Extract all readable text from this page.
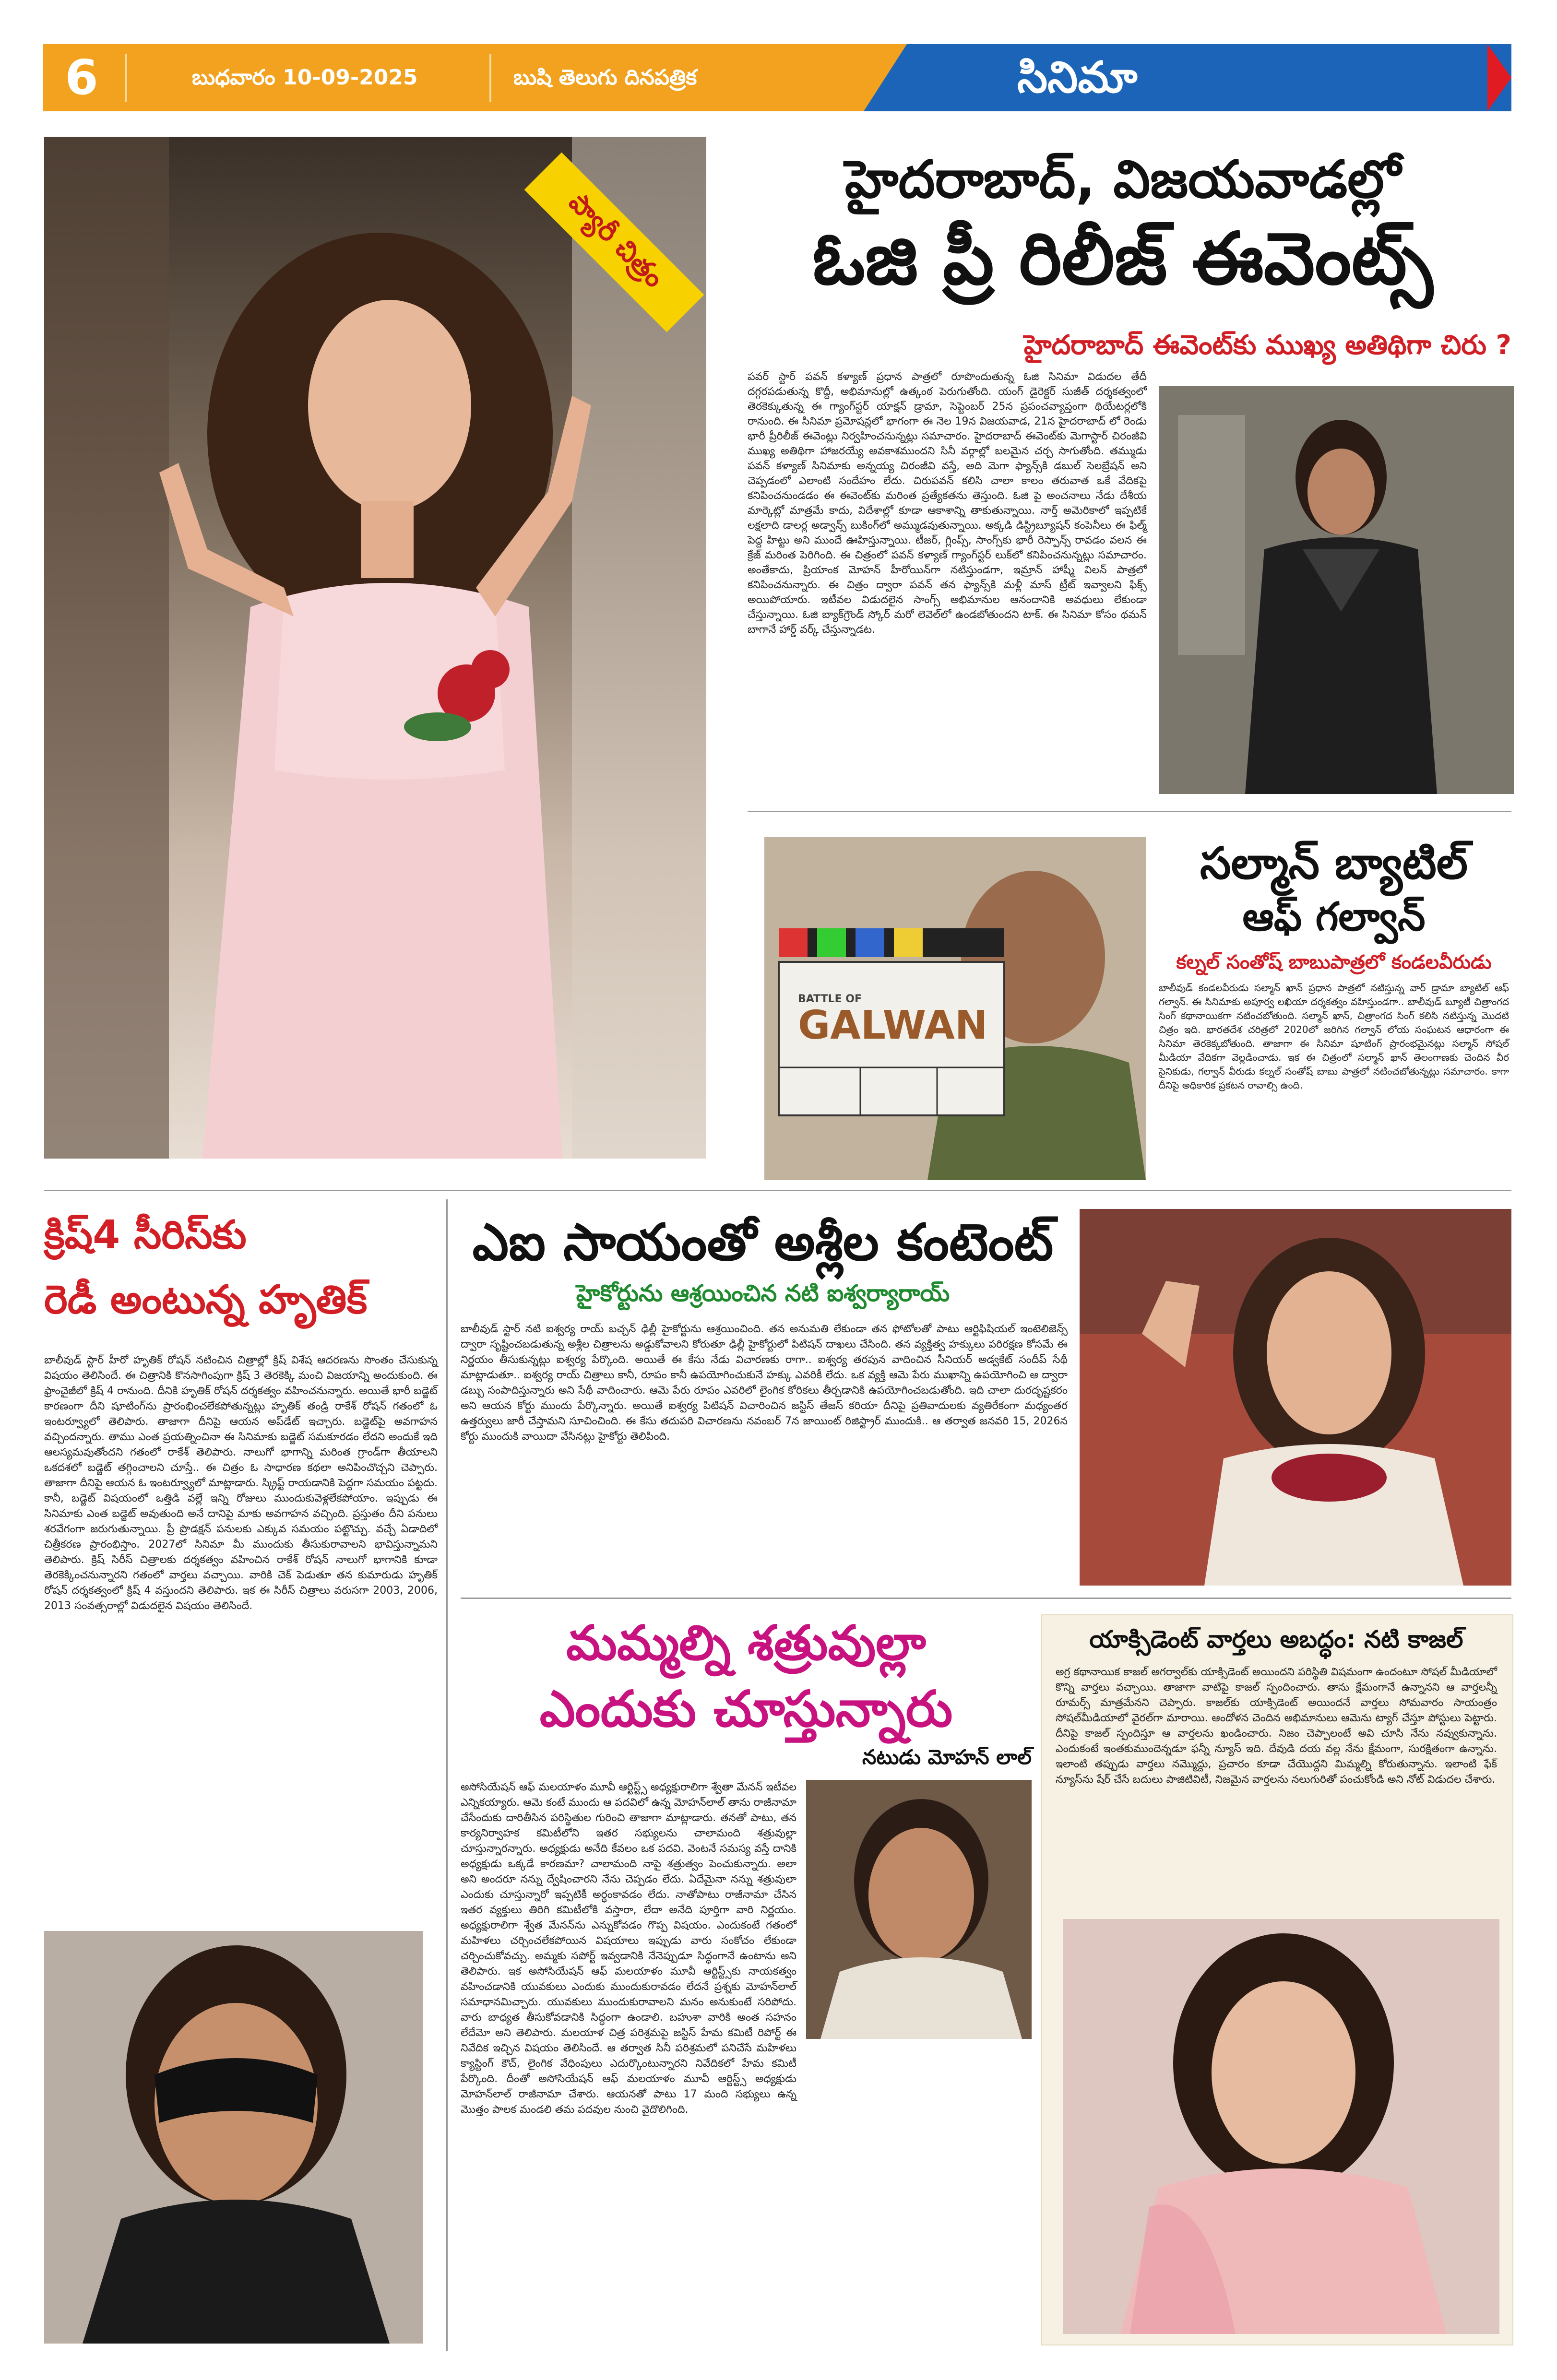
6	బుధవారం 10-09-2025	బుషి తెలుగు దినపత్రిక	సినిమా
ప్యారీ చిత్రం
హైదరాబాద్, విజయవాడల్లో
ఓజి ప్రీ రిలీజ్ ఈవెంట్స్
హైదరాబాద్ ఈవెంట్‌కు ముఖ్య అతిథిగా చిరు ?

పవర్ స్టార్ పవన్ కళ్యాణ్ ప్రధాన పాత్రలో రూపొందుతున్న ఓజి సినిమా విడుదల తేదీ దగ్గరపడుతున్న కొద్దీ, అభిమానుల్లో ఉత్కంఠ పెరుగుతోంది. యంగ్ డైరెక్టర్ సుజీత్ దర్శకత్వంలో తెరకెక్కుతున్న ఈ గ్యాంగ్‌స్టర్ యాక్షన్ డ్రామా, సెప్టెంబర్ 25న ప్రపంచవ్యాప్తంగా థియేటర్లలోకి రానుంది. ఈ సినిమా ప్రమోషన్లలో భాగంగా ఈ నెల 19న విజయవాడ, 21న హైదరాబాద్ లో రెండు భారీ ప్రీరిలీజ్ ఈవెంట్లు నిర్వహించనున్నట్లు సమాచారం. హైదరాబాద్ ఈవెంట్‌కు మెగాస్టార్ చిరంజీవి ముఖ్య అతిథిగా హాజరయ్యే అవకాశముందని సినీ వర్గాల్లో బలమైన చర్చ సాగుతోంది. తమ్ముడు పవన్ కళ్యాణ్ సినిమాకు అన్నయ్య చిరంజీవి వస్తే, అది మెగా ఫ్యాన్స్‌కి డబుల్ సెలబ్రేషన్ అని చెప్పడంలో ఎలాంటి సందేహం లేదు. చిరుపవన్ కలిసి చాలా కాలం తరువాత ఒకే వేదికపై కనిపించనుండడం ఈ ఈవెంట్‌కు మరింత ప్రత్యేకతను తెస్తుంది. ఓజి పై అంచనాలు నేడు దేశీయ మార్కెట్లో మాత్రమే కాదు, విదేశాల్లో కూడా ఆకాశాన్ని తాకుతున్నాయి. నార్త్ అమెరికాలో ఇప్పటికే లక్షలాది డాలర్ల అడ్వాన్స్ బుకింగ్‌లో అమ్ముడవుతున్నాయి. అక్కడి డిస్ట్రిబ్యూషన్ కంపెనీలు ఈ ఫిల్మ్ పెద్ద హిట్టు అని ముందే ఊహిస్తున్నాయి. టీజర్, గ్లింప్స్, సాంగ్స్‌కు భారీ రెస్పాన్స్ రావడం వలన ఈ క్రేజ్ మరింత పెరిగింది. ఈ చిత్రంలో పవన్ కళ్యాణ్ గ్యాంగ్‌స్టర్ లుక్‌లో కనిపించనున్నట్లు సమాచారం. అంతేకాదు, ప్రియాంక మోహన్ హీరోయిన్‌గా నటిస్తుండగా, ఇమ్రాన్ హాష్మీ విలన్ పాత్రలో కనిపించనున్నారు. ఈ చిత్రం ద్వారా పవన్ తన ఫ్యాన్స్‌కి మళ్లీ మాస్ ట్రీట్ ఇవ్వాలని ఫిక్స్ అయిపోయారు. ఇటీవల విడుదలైన సాంగ్స్ అభిమానుల ఆనందానికి అవధులు లేకుండా చేస్తున్నాయి. ఓజి బ్యాక్‌గ్రౌండ్ స్కోర్ మరో లెవెల్‌లో ఉండబోతుందని టాక్. ఈ సినిమా కోసం థమన్ బాగానే హార్డ్ వర్క్ చేస్తున్నాడట.

BATTLE OF
GALWAN
సల్మాన్ బ్యాటిల్
ఆఫ్ గల్వాన్
కల్నల్ సంతోష్ బాబుపాత్రలో కండలవీరుడు

బాలీవుడ్ కండలవీరుడు సల్మాన్ ఖాన్ ప్రధాన పాత్రలో నటిస్తున్న వార్ డ్రామా బ్యాటిల్ ఆఫ్ గల్వాన్. ఈ సినిమాకు అపూర్వ లఖియా దర్శకత్వం వహిస్తుండగా.. బాలీవుడ్ బ్యూటీ చిత్రాంగద సింగ్ కథానాయికగా నటించబోతుంది. సల్మాన్ ఖాన్, చిత్రాంగద సింగ్ కలిసి నటిస్తున్న మొదటి చిత్రం ఇది. భారతదేశ చరిత్రలో 2020లో జరిగిన గల్వాన్ లోయ సంఘటన ఆధారంగా ఈ సినిమా తెరకెక్కబోతుంది. తాజాగా ఈ సినిమా షూటింగ్ ప్రారంభమైనట్లు సల్మాన్ సోషల్ మీడియా వేదికగా వెల్లడించాడు. ఇక ఈ చిత్రంలో సల్మాన్ ఖాన్ తెలంగాణకు చెందిన వీర సైనికుడు, గల్వాన్ వీరుడు కల్నల్ సంతోష్ బాబు పాత్రలో నటించబోతున్నట్లు సమాచారం. కాగా దీనిపై అధికారిక ప్రకటన రావాల్సి ఉంది.

క్రిష్4 సీరిస్‌కు
రెడీ అంటున్న హృతిక్

బాలీవుడ్ స్టార్ హీరో హృతిక్ రోషన్ నటించిన చిత్రాల్లో క్రిష్ విశేష ఆదరణను సొంతం చేసుకున్న విషయం తెలిసిందే. ఈ చిత్రానికి కొనసాగింపుగా క్రిష్ 3 తెరకెక్కి మంచి విజయాన్ని అందుకుంది. ఈ ఫ్రాంచైజీలో క్రిష్ 4 రానుంది. దీనికి హృతిక్ రోషన్ దర్శకత్వం వహించనున్నారు. అయితే భారీ బడ్జెట్ కారణంగా దీని షూటింగ్‌ను ప్రారంభించలేకపోతున్నట్లు హృతిక్ తండ్రి రాకేశ్ రోషన్ గతంలో ఓ ఇంటర్వ్యూలో తెలిపారు. తాజాగా దీనిపై ఆయన అప్‌డేట్ ఇచ్చారు. బడ్జెట్‌పై అవగాహన వచ్చిందన్నారు. తాము ఎంత ప్రయత్నించినా ఈ సినిమాకు బడ్జెట్ సమకూరడం లేదని అందుకే ఇది ఆలస్యమవుతోందని గతంలో రాకేశ్ తెలిపారు. నాలుగో భాగాన్ని మరింత గ్రాండ్‌గా తీయాలని ఒకదశలో బడ్జెట్ తగ్గించాలని చూస్తే.. ఈ చిత్రం ఓ సాధారణ కథలా అనిపించొచ్చని చెప్పారు. తాజాగా దీనిపై ఆయన ఓ ఇంటర్వ్యూలో మాట్లాడారు. స్క్రిప్ట్ రాయడానికి పెద్దగా సమయం పట్టదు. కానీ, బడ్జెట్ విషయంలో ఒత్తిడి వల్లే ఇన్ని రోజులు ముందుకువెళ్లలేకపోయాం. ఇప్పుడు ఈ సినిమాకు ఎంత బడ్జెట్ అవుతుంది అనే దానిపై మాకు అవగాహన వచ్చింది. ప్రస్తుతం దీని పనులు శరవేగంగా జరుగుతున్నాయి. ప్రీ ప్రొడక్షన్ పనులకు ఎక్కువ సమయం పట్టొచ్చు. వచ్చే ఏడాదిలో చిత్రీకరణ ప్రారంభిస్తాం. 2027లో సినిమా మీ ముందుకు తీసుకురావాలని భావిస్తున్నామని తెలిపారు. క్రిష్ సిరీస్ చిత్రాలకు దర్శకత్వం వహించిన రాకేశ్ రోషన్ నాలుగో భాగానికి కూడా తెరకెక్కించనున్నారని గతంలో వార్తలు వచ్చాయి. వారికి చెక్ పెడుతూ తన కుమారుడు హృతిక్ రోషన్ దర్శకత్వంలో క్రిష్ 4 వస్తుందని తెలిపారు. ఇక ఈ సిరీస్ చిత్రాలు వరుసగా 2003, 2006, 2013 సంవత్సరాల్లో విడుదలైన విషయం తెలిసిందే.

ఎఐ సాయంతో అశ్లీల కంటెంట్
హైకోర్టును ఆశ్రయించిన నటి ఐశ్వర్యారాయ్

బాలీవుడ్ స్టార్ నటి ఐశ్వర్య రాయ్ బచ్చన్ ఢిల్లీ హైకోర్టును ఆశ్రయించింది. తన అనుమతి లేకుండా తన ఫోటోలతో పాటు ఆర్టిఫిషియల్ ఇంటెలిజెన్స్ ద్వారా సృష్టించబడుతున్న అశ్లీల చిత్రాలను అడ్డుకోవాలని కోరుతూ ఢిల్లీ హైకోర్టులో పిటిషన్ దాఖలు చేసింది. తన వ్యక్తిత్వ హక్కులు పరిరక్షణ కోసమే ఈ నిర్ణయం తీసుకున్నట్లు ఐశ్వర్య పేర్కొంది. అయితే ఈ కేసు నేడు విచారణకు రాగా.. ఐశ్వర్య తరపున వాదించిన సీనియర్ అడ్వకేట్ సందీప్ సేథీ మాట్లాడుతూ.. ఐశ్వర్య రాయ్ చిత్రాలు కానీ, రూపం కానీ ఉపయోగించుకునే హక్కు ఎవరికీ లేదు. ఒక వ్యక్తి ఆమె పేరు ముఖాన్ని ఉపయోగించి ఆ ద్వారా డబ్బు సంపాదిస్తున్నారు అని సేథీ వాదించారు. ఆమె పేరు రూపం ఎవరిలో లైంగిక కోరికలు తీర్చడానికి ఉపయోగించబడుతోంది. ఇది చాలా దురదృష్టకరం అని ఆయన కోర్టు ముందు పేర్కొన్నారు. అయితే ఐశ్వర్య పిటిషన్ విచారించిన జస్టిస్ తేజస్ కరియా దీనిపై ప్రతివాదులకు వ్యతిరేకంగా మధ్యంతర ఉత్తర్వులు జారీ చేస్తామని సూచించింది. ఈ కేసు తదుపరి విచారణను నవంబర్ 7న జాయింట్ రిజిస్ట్రార్ ముందుకి.. ఆ తర్వాత జనవరి 15, 2026న కోర్టు ముందుకి వాయిదా వేసినట్లు హైకోర్టు తెలిపింది.

మమ్మల్ని శత్రువుల్లా
ఎందుకు చూస్తున్నారు
నటుడు మోహన్ లాల్

అసోసియేషన్ ఆఫ్ మలయాళం మూవీ ఆర్టిస్ట్స్ అధ్యక్షురాలిగా శ్వేతా మేనన్ ఇటీవల ఎన్నికయ్యారు. ఆమె కంటే ముందు ఆ పదవిలో ఉన్న మోహన్‌లాల్ తాను రాజీనామా చేసేందుకు దారితీసిన పరిస్థితుల గురించి తాజాగా మాట్లాడారు. తనతో పాటు, తన కార్యనిర్వాహక కమిటీలోని ఇతర సభ్యులను చాలామంది శత్రువుల్లా చూస్తున్నారన్నారు. అధ్యక్షుడు అనేది కేవలం ఒక పదవి. వెంటనే సమస్య వస్తే దానికి అధ్యక్షుడు ఒక్కడే కారణమా? చాలామంది నాపై శత్రుత్వం పెంచుకున్నారు. అలా అని అందరూ నన్ను ద్వేషించారని నేను చెప్పడం లేదు. ఏదేమైనా నన్ను శత్రువులా ఎందుకు చూస్తున్నారో ఇప్పటికీ అర్థంకావడం లేదు. నాతోపాటు రాజీనామా చేసిన ఇతర వ్యక్తులు తిరిగి కమిటీలోకి వస్తారా, లేదా అనేది పూర్తిగా వారి నిర్ణయం. అధ్యక్షురాలిగా శ్వేత మేనన్‌ను ఎన్నుకోవడం గొప్ప విషయం. ఎందుకంటే గతంలో మహిళలు చర్చించలేకపోయిన విషయాలు ఇప్పుడు వారు సంకోచం లేకుండా చర్చించుకోవచ్చు. అమ్మకు సపోర్ట్ ఇవ్వడానికి నేనెప్పుడూ సిద్ధంగానే ఉంటాను అని తెలిపారు. ఇక అసోసియేషన్ ఆఫ్ మలయాళం మూవీ ఆర్టిస్ట్స్‌కు నాయకత్వం వహించడానికి యువకులు ఎందుకు ముందుకురావడం లేదనే ప్రశ్నకు మోహన్‌లాల్ సమాధానమిచ్చారు. యువకులు ముందుకురావాలని మనం అనుకుంటే సరిపోదు. వారు బాధ్యత తీసుకోవడానికి సిద్ధంగా ఉండాలి. బహుశా వారికి అంత సహనం లేదేమో అని తెలిపారు. మలయాళ చిత్ర పరిశ్రమపై జస్టిస్ హేమ కమిటీ రిపోర్ట్ ఈ నివేదిక ఇచ్చిన విషయం తెలిసిందే. ఆ తర్వాత సినీ పరిశ్రమలో పనిచేసే మహిళలు క్యాస్టింగ్ కౌచ్, లైంగిక వేధింపులు ఎదుర్కొంటున్నారని నివేదికలో హేమ కమిటీ పేర్కొంది. దీంతో అసోసియేషన్ ఆఫ్ మలయాళం మూవీ ఆర్టిస్ట్స్ అధ్యక్షుడు మోహన్‌లాల్ రాజీనామా చేశారు. ఆయనతో పాటు 17 మంది సభ్యులు ఉన్న మొత్తం పాలక మండలి తమ పదవుల నుంచి వైదొలిగింది.

యాక్సిడెంట్ వార్తలు అబద్ధం: నటి కాజల్

అగ్ర కథానాయిక కాజల్ అగర్వాల్‌కు యాక్సిడెంట్ అయిందని పరిస్థితి విషమంగా ఉందంటూ సోషల్ మీడియాలో కొన్ని వార్తలు వచ్చాయి. తాజాగా వాటిపై కాజల్ స్పందించారు. తాను క్షేమంగానే ఉన్నానని ఆ వార్తలన్నీ రూమర్స్ మాత్రమేనని చెప్పారు. కాజల్‌కు యాక్సిడెంట్ అయిందనే వార్తలు సోమవారం సాయంత్రం సోషల్‌మీడియాలో వైరల్‌గా మారాయి. ఆందోళన చెందిన అభిమానులు ఆమెను ట్యాగ్ చేస్తూ పోస్టులు పెట్టారు. దీనిపై కాజల్ స్పందిస్తూ ఆ వార్తలను ఖండించారు. నిజం చెప్పాలంటే అవి చూసి నేను నవ్వుకున్నాను. ఎందుకంటే ఇంతకుముందెన్నడూ ఫన్నీ న్యూస్ ఇది. దేవుడి దయ వల్ల నేను క్షేమంగా, సురక్షితంగా ఉన్నాను. ఇలాంటి తప్పుడు వార్తలు నమ్మొద్దు, ప్రచారం కూడా చేయొద్దని మిమ్మల్ని కోరుతున్నాను. ఇలాంటి ఫేక్ న్యూస్‌ను షేర్ చేసే బదులు పాజిటివిటీ, నిజమైన వార్తలను నలుగురితో పంచుకోండి అని నోట్ విడుదల చేశారు.
